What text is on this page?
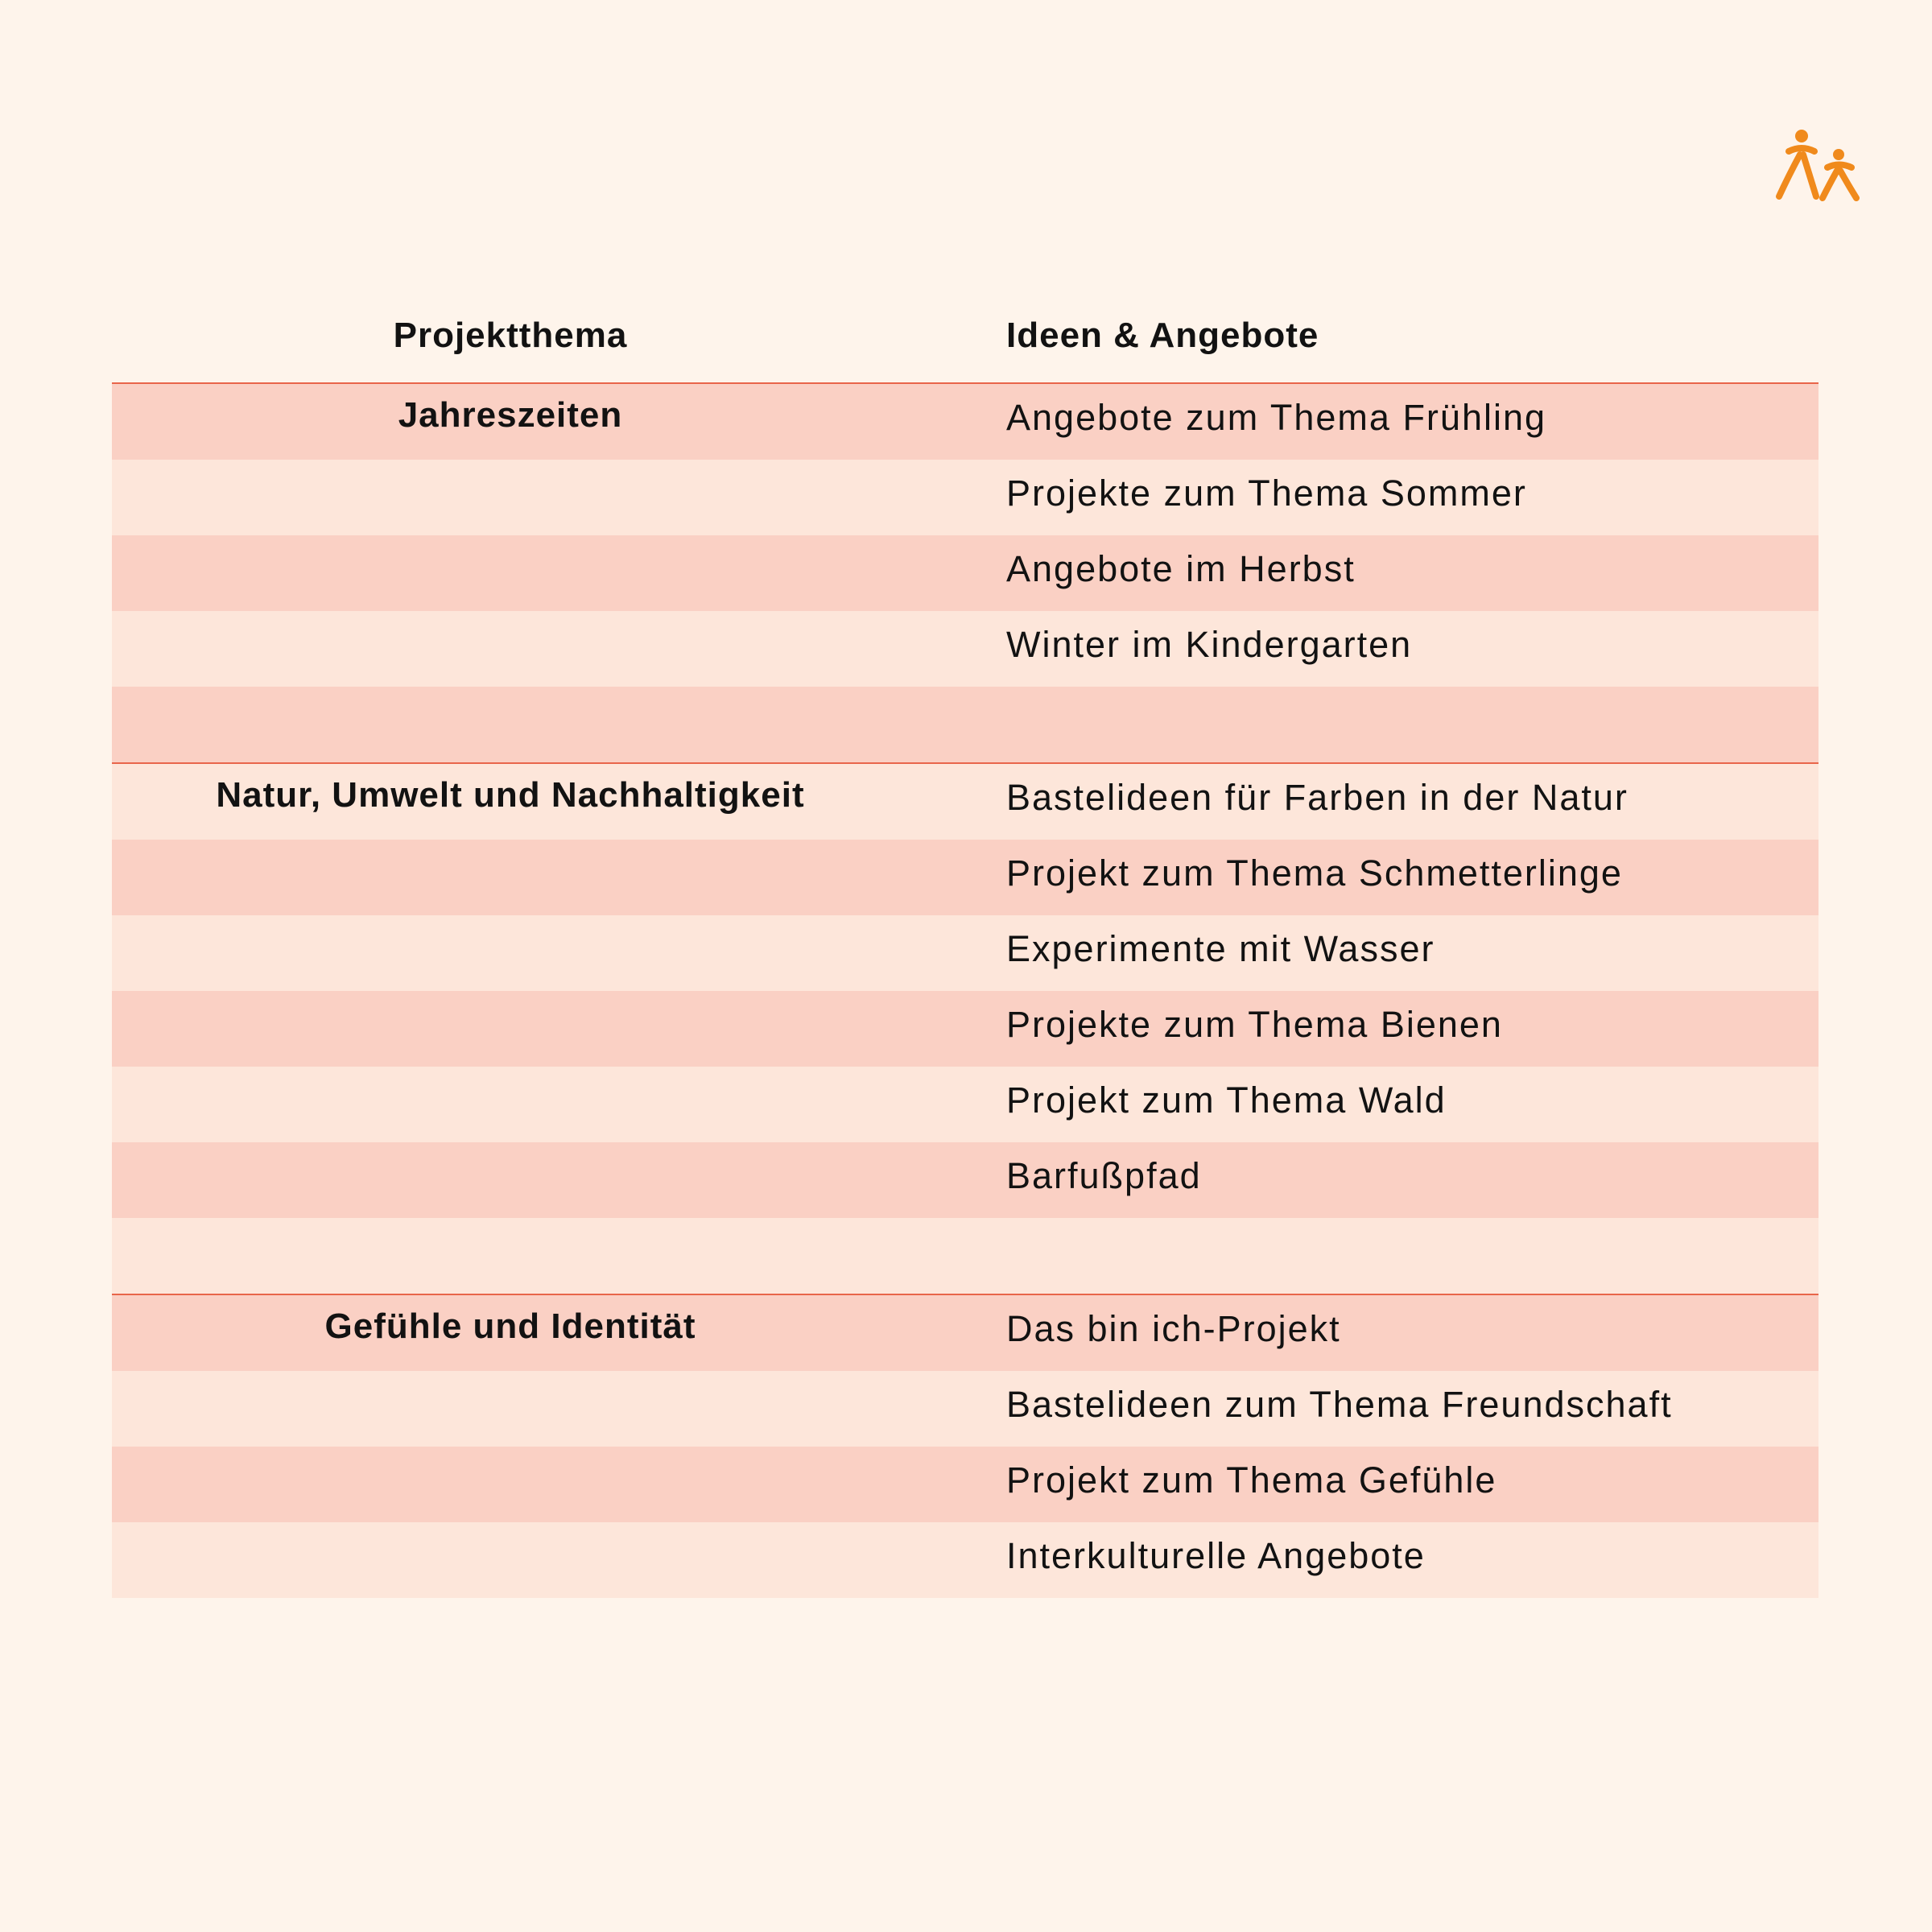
Projektthema	Ideen & Angebote
Jahreszeiten	Angebote zum Thema Frühling
Projekte zum Thema Sommer
Angebote im Herbst
Winter im Kindergarten
Natur, Umwelt und Nachhaltigkeit	Bastelideen für Farben in der Natur
Projekt zum Thema Schmetterlinge
Experimente mit Wasser
Projekte zum Thema Bienen
Projekt zum Thema Wald
Barfußpfad
Gefühle und Identität	Das bin ich-Projekt
Bastelideen zum Thema Freundschaft
Projekt zum Thema Gefühle
Interkulturelle Angebote
